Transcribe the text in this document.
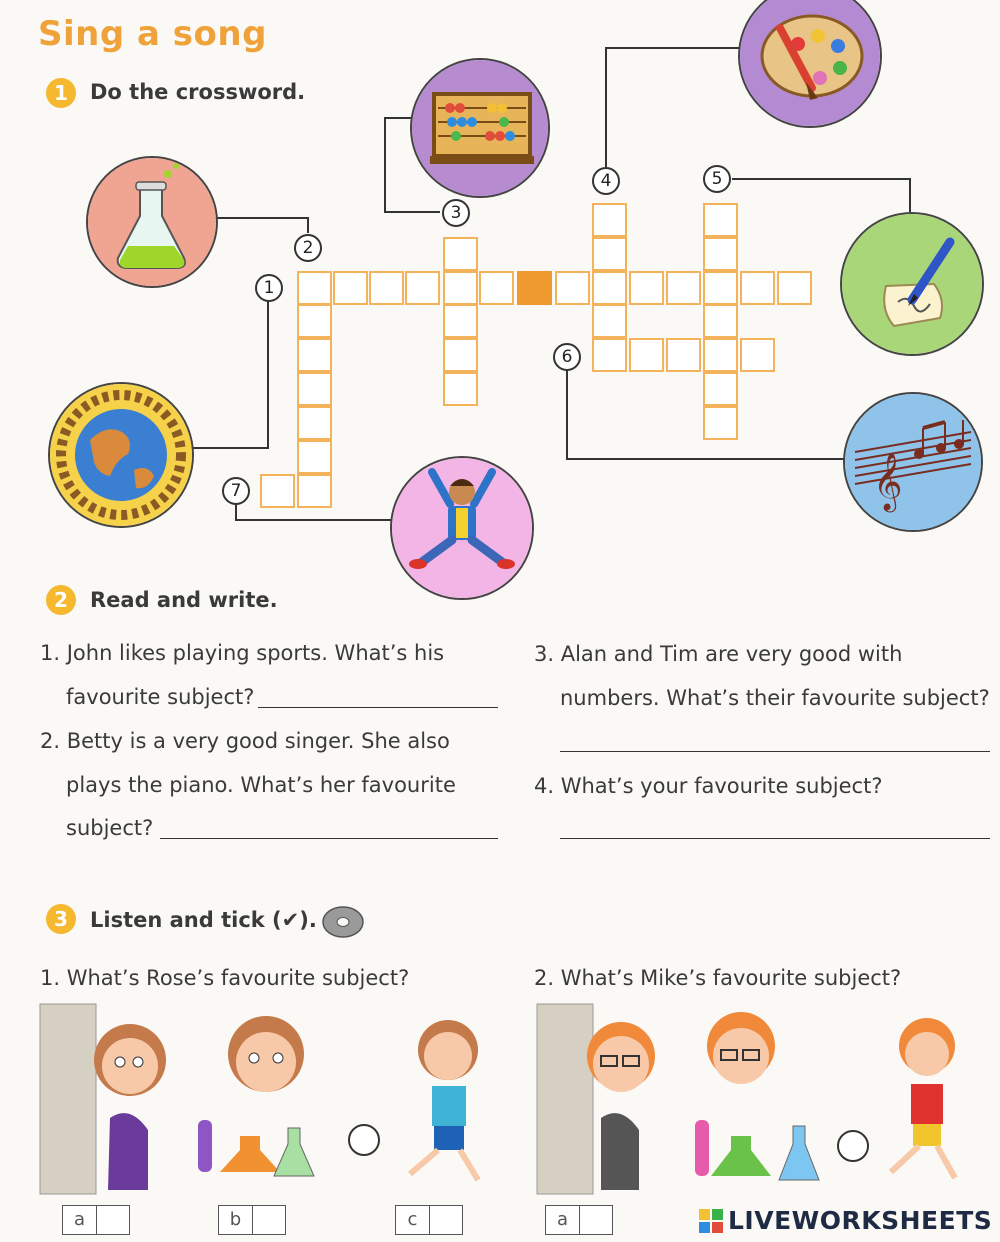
Sing a song
1	Do the crossword.
1
2
3
4	5
6
7	𝄞
2	Read and write.
1. John likes playing sports. What’s his
favourite subject?
2. Betty is a very good singer. She also
plays the piano. What’s her favourite
subject?
3. Alan and Tim are very good with
numbers. What’s their favourite subject?
4. What’s your favourite subject?
3	Listen and tick (✔).
1. What’s Rose’s favourite subject?	2. What’s Mike’s favourite subject?
a	b	c	a	LIVEWORKSHEETS
